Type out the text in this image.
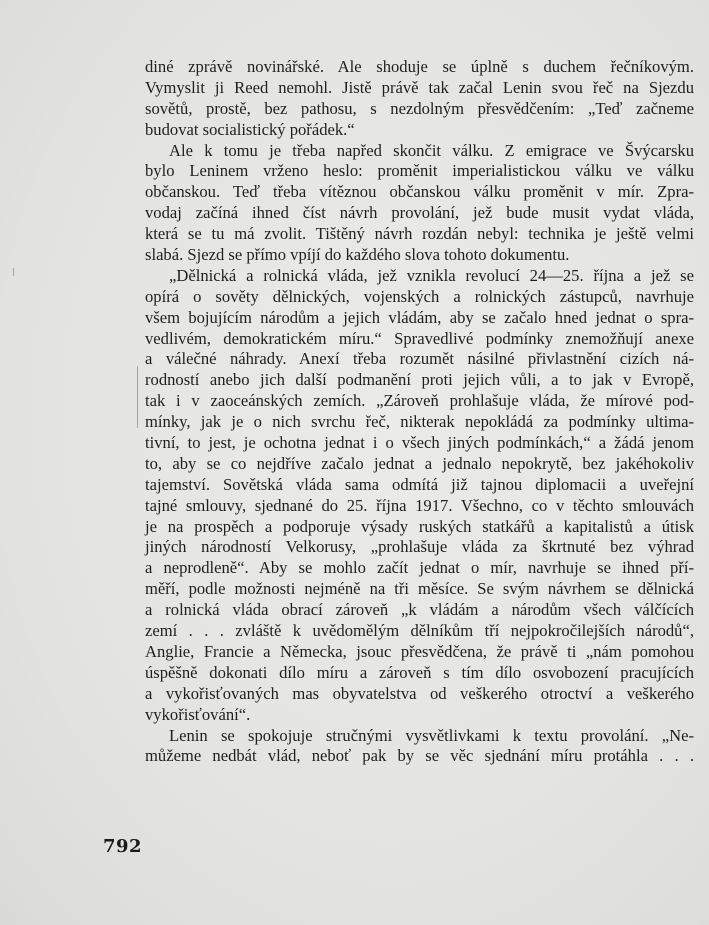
diné zprávě novinářské. Ale shoduje se úplně s duchem řečníkovým.
Vymyslit ji Reed nemohl. Jistě právě tak začal Lenin svou řeč na Sjezdu
sovětů, prostě, bez pathosu, s nezdolným přesvědčením: „Teď začneme
budovat socialistický pořádek.“
Ale k tomu je třeba napřed skončit válku. Z emigrace ve Švýcarsku
bylo Leninem vrženo heslo: proměnit imperialistickou válku ve válku
občanskou. Teď třeba vítěznou občanskou válku proměnit v mír. Zpra-
vodaj začíná ihned číst návrh provolání, jež bude musit vydat vláda,
která se tu má zvolit. Tištěný návrh rozdán nebyl: technika je ještě velmi
slabá. Sjezd se přímo vpíjí do každého slova tohoto dokumentu.
„Dělnická a rolnická vláda, jež vznikla revolucí 24—25. října a jež se
opírá o sověty dělnických, vojenských a rolnických zástupců, navrhuje
všem bojujícím národům a jejich vládám, aby se začalo hned jednat o spra-
vedlivém, demokratickém míru.“ Spravedlivé podmínky znemožňují anexe
a válečné náhrady. Anexí třeba rozumět násilné přivlastnění cizích ná-
rodností anebo jich další podmanění proti jejich vůli, a to jak v Evropě,
tak i v zaoceánských zemích. „Zároveň prohlašuje vláda, že mírové pod-
mínky, jak je o nich svrchu řeč, nikterak nepokládá za podmínky ultima-
tivní, to jest, je ochotna jednat i o všech jiných podmínkách,“ a žádá jenom
to, aby se co nejdříve začalo jednat a jednalo nepokrytě, bez jakéhokoliv
tajemství. Sovětská vláda sama odmítá již tajnou diplomacii a uveřejní
tajné smlouvy, sjednané do 25. října 1917. Všechno, co v těchto smlouvách
je na prospěch a podporuje výsady ruských statkářů a kapitalistů a útisk
jiných národností Velkorusy, „prohlašuje vláda za škrtnuté bez výhrad
a neprodleně“. Aby se mohlo začít jednat o mír, navrhuje se ihned pří-
měří, podle možnosti nejméně na tři měsíce. Se svým návrhem se dělnická
a rolnická vláda obrací zároveň „k vládám a národům všech válčících
zemí . . . zvláště k uvědomělým dělníkům tří nejpokročilejších národů“,
Anglie, Francie a Německa, jsouc přesvědčena, že právě ti „nám pomohou
úspěšně dokonati dílo míru a zároveň s tím dílo osvobození pracujících
a vykořisťovaných mas obyvatelstva od veškerého otroctví a veškerého
vykořisťování“.
Lenin se spokojuje stručnými vysvětlivkami k textu provolání. „Ne-
můžeme nedbát vlád, neboť pak by se věc sjednání míru protáhla . . .
792
